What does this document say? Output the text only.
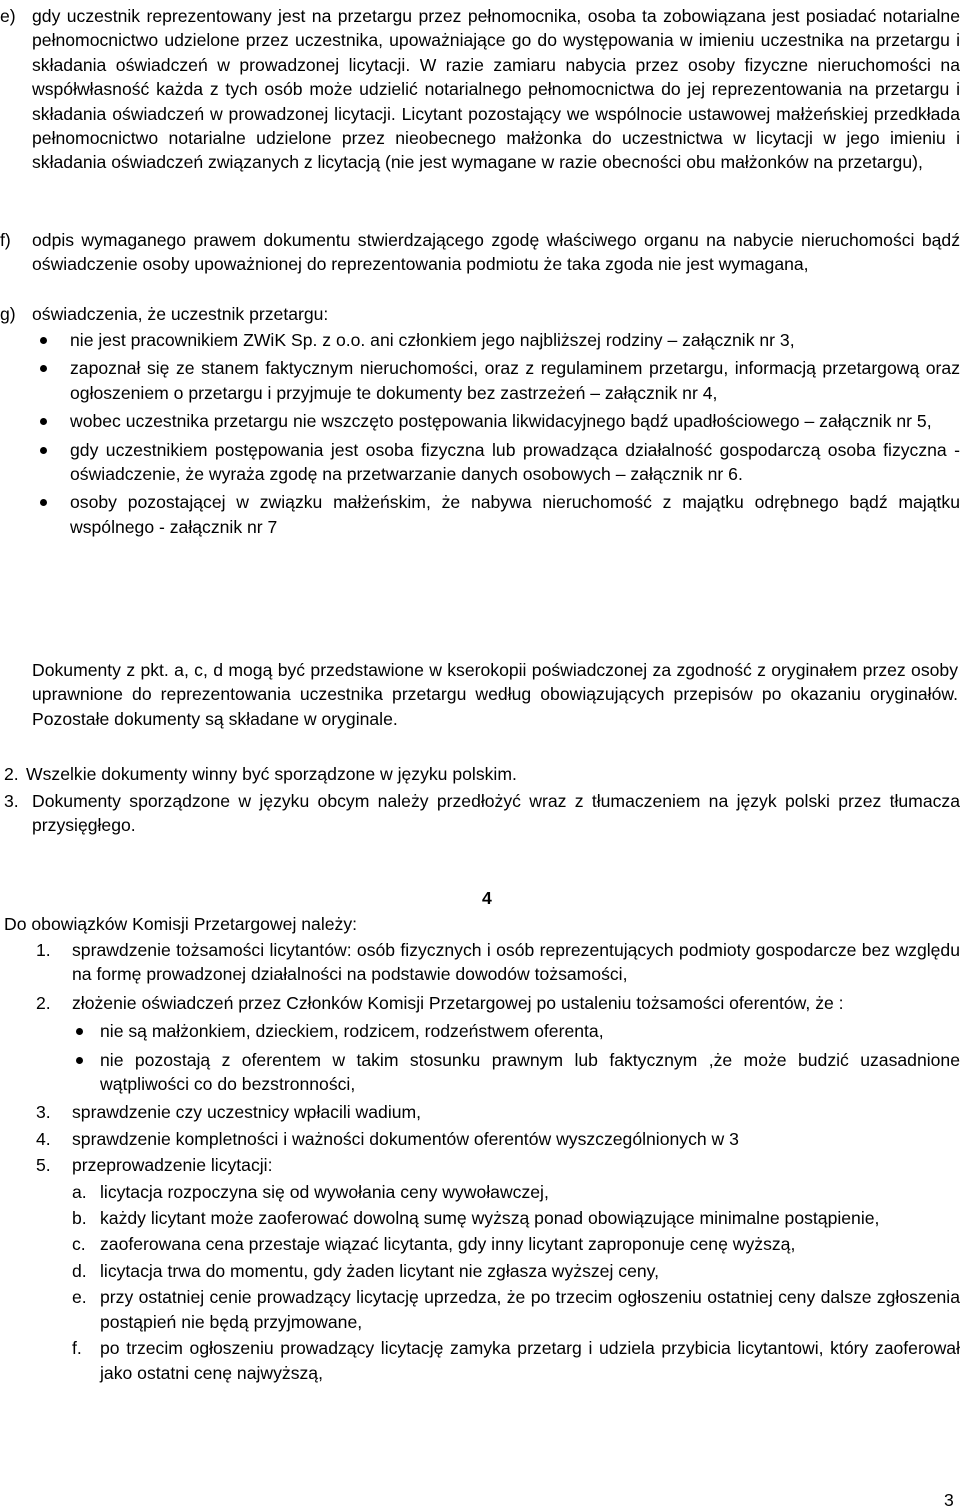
e) gdy uczestnik reprezentowany jest na przetargu przez pełnomocnika, osoba ta zobowiązana jest posiadać notarialne pełnomocnictwo udzielone przez uczestnika, upoważniające go do występowania w imieniu uczestnika na przetargu i składania oświadczeń w prowadzonej licytacji. W razie zamiaru nabycia przez osoby fizyczne nieruchomości na współwłasność każda z tych osób może udzielić notarialnego pełnomocnictwa do jej reprezentowania na przetargu i składania oświadczeń w prowadzonej licytacji. Licytant pozostający we wspólnocie ustawowej małżeńskiej przedkłada pełnomocnictwo notarialne udzielone przez nieobecnego małżonka do uczestnictwa w licytacji w jego imieniu i składania oświadczeń związanych z licytacją (nie jest wymagane w razie obecności obu małżonków na przetargu),

f) odpis wymaganego prawem dokumentu stwierdzającego zgodę właściwego organu na nabycie nieruchomości bądź oświadczenie osoby upoważnionej do reprezentowania podmiotu że taka zgoda nie jest wymagana,

g) oświadczenia, że uczestnik przetargu:

nie jest pracownikiem ZWiK Sp. z o.o. ani członkiem jego najbliższej rodziny – załącznik nr 3,

zapoznał się ze stanem faktycznym nieruchomości, oraz z regulaminem przetargu, informacją przetargową oraz ogłoszeniem o przetargu i przyjmuje te dokumenty bez zastrzeżeń – załącznik nr 4,

wobec uczestnika przetargu nie wszczęto postępowania likwidacyjnego bądź upadłościowego – załącznik nr 5,

gdy uczestnikiem postępowania jest osoba fizyczna lub prowadząca działalność gospodarczą osoba fizyczna - oświadczenie, że wyraża zgodę na przetwarzanie danych osobowych – załącznik nr 6.

osoby pozostającej w związku małżeńskim, że nabywa nieruchomość z majątku odrębnego bądź majątku wspólnego - załącznik nr 7

Dokumenty z pkt. a, c, d mogą być przedstawione w kserokopii poświadczonej za zgodność z oryginałem przez osoby uprawnione do reprezentowania uczestnika przetargu według obowiązujących przepisów po okazaniu oryginałów. Pozostałe dokumenty są składane w oryginale.

2. Wszelkie dokumenty winny być sporządzone w języku polskim.

3. Dokumenty sporządzone w języku obcym należy przedłożyć wraz z tłumaczeniem na język polski przez tłumacza przysięgłego.

4

Do obowiązków Komisji Przetargowej należy:

1. sprawdzenie tożsamości licytantów: osób fizycznych i osób reprezentujących podmioty gospodarcze bez względu na formę prowadzonej działalności na podstawie dowodów tożsamości,

2. złożenie oświadczeń przez Członków Komisji Przetargowej po ustaleniu tożsamości oferentów, że :

nie są małżonkiem, dzieckiem, rodzicem, rodzeństwem oferenta,

nie pozostają z oferentem w takim stosunku prawnym lub faktycznym ,że może budzić uzasadnione wątpliwości co do bezstronności,

3. sprawdzenie czy uczestnicy wpłacili wadium,

4. sprawdzenie kompletności i ważności dokumentów oferentów wyszczególnionych w 3

5. przeprowadzenie licytacji:

a. licytacja rozpoczyna się od wywołania ceny wywoławczej,

b. każdy licytant może zaoferować dowolną sumę wyższą ponad obowiązujące minimalne postąpienie,

c. zaoferowana cena przestaje wiązać licytanta, gdy inny licytant zaproponuje cenę wyższą,

d. licytacja trwa do momentu, gdy żaden licytant nie zgłasza wyższej ceny,

e. przy ostatniej cenie prowadzący licytację uprzedza, że po trzecim ogłoszeniu ostatniej ceny dalsze zgłoszenia postąpień nie będą przyjmowane,

f. po trzecim ogłoszeniu prowadzący licytację zamyka przetarg i udziela przybicia licytantowi, który zaoferował jako ostatni cenę najwyższą,

3
